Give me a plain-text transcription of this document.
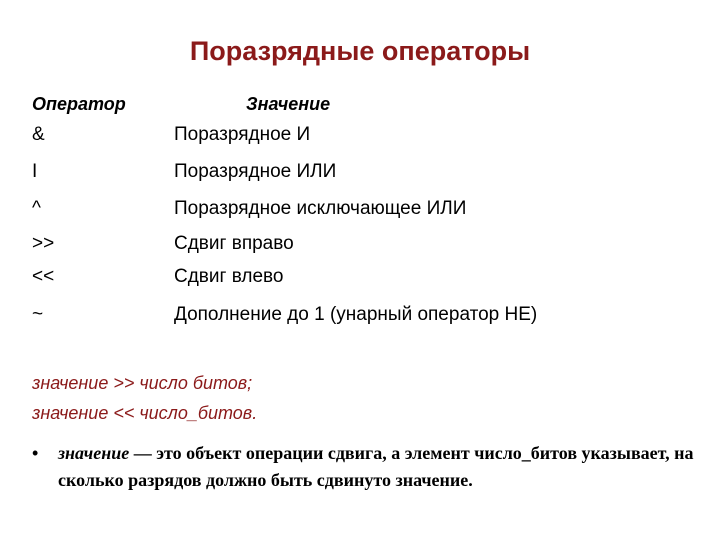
Поразрядные операторы
Оператор	Значение
&	Поразрядное И
I	Поразрядное ИЛИ
^	Поразрядное исключающее ИЛИ
>>	Сдвиг вправо
<<	Сдвиг влево
~	Дополнение до 1 (унарный оператор НЕ)
значение >> число битов;
значение << число_битов.
• значение — это объект операции сдвига, а элемент число_битов указывает, на сколько разрядов должно быть сдвинуто значение.
